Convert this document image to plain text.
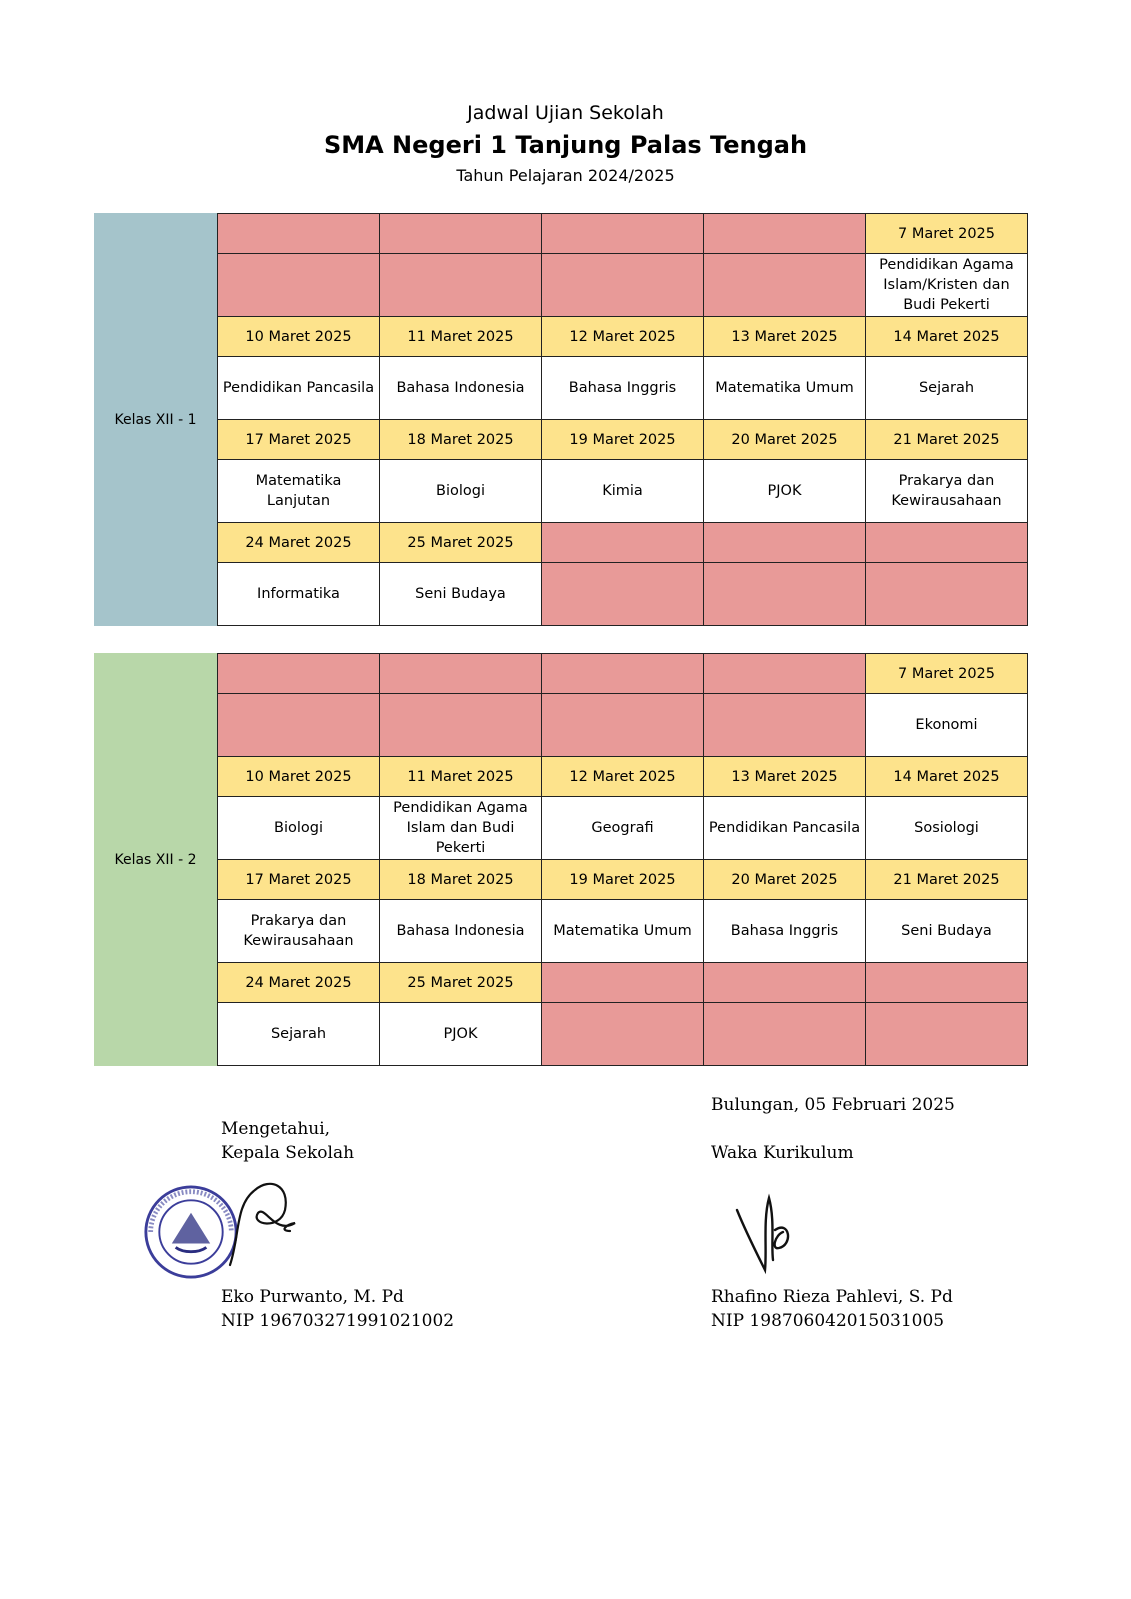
Jadwal Ujian Sekolah
SMA Negeri 1 Tanjung Palas Tengah
Tahun Pelajaran 2024/2025
Kelas XII - 1
				7 Maret 2025
				Pendidikan Agama Islam/Kristen dan Budi Pekerti
10 Maret 2025	11 Maret 2025	12 Maret 2025	13 Maret 2025	14 Maret 2025
Pendidikan Pancasila	Bahasa Indonesia	Bahasa Inggris	Matematika Umum	Sejarah
17 Maret 2025	18 Maret 2025	19 Maret 2025	20 Maret 2025	21 Maret 2025
Matematika Lanjutan	Biologi	Kimia	PJOK	Prakarya dan Kewirausahaan
24 Maret 2025	25 Maret 2025			
Informatika	Seni Budaya			
Kelas XII - 2
				7 Maret 2025
				Ekonomi
10 Maret 2025	11 Maret 2025	12 Maret 2025	13 Maret 2025	14 Maret 2025
Biologi	Pendidikan Agama Islam dan Budi Pekerti	Geografi	Pendidikan Pancasila	Sosiologi
17 Maret 2025	18 Maret 2025	19 Maret 2025	20 Maret 2025	21 Maret 2025
Prakarya dan Kewirausahaan	Bahasa Indonesia	Matematika Umum	Bahasa Inggris	Seni Budaya
24 Maret 2025	25 Maret 2025			
Sejarah	PJOK			
Bulungan, 05 Februari 2025
Waka Kurikulum
Rhafino Rieza Pahlevi, S. Pd
NIP 198706042015031005
Mengetahui,
Kepala Sekolah
Eko Purwanto, M. Pd
NIP 196703271991021002
